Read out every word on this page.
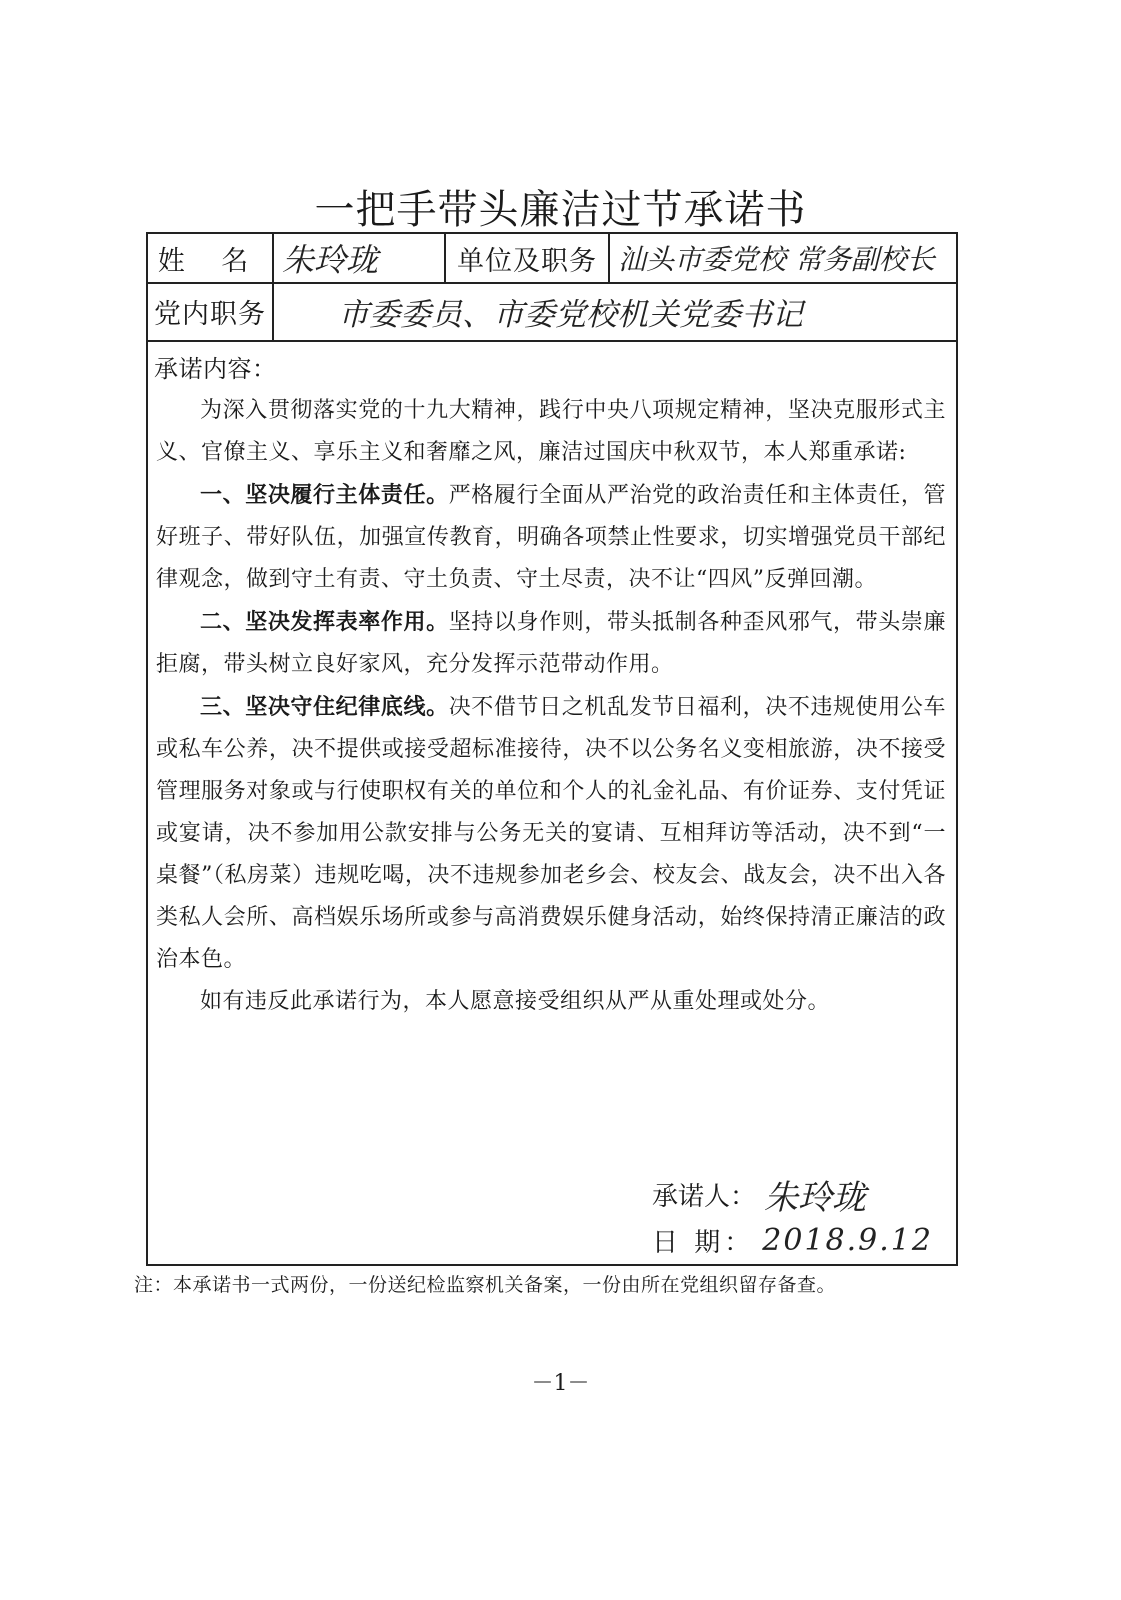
一把手带头廉洁过节承诺书
姓 名 朱玲珑	单位及职务 汕头市委党校 常务副校长
党内职务 市委委员、市委党校机关党委书记
承诺内容：

为深入贯彻落实党的十九大精神，践行中央八项规定精神，坚决克服形式主义、官僚主义、享乐主义和奢靡之风，廉洁过国庆中秋双节，本人郑重承诺:

一、坚决履行主体责任。严格履行全面从严治党的政治责任和主体责任，管好班子、带好队伍，加强宣传教育，明确各项禁止性要求，切实增强党员干部纪律观念，做到守土有责、守土负责、守土尽责，决不让“四风”反弹回潮。

二、坚决发挥表率作用。坚持以身作则，带头抵制各种歪风邪气，带头崇廉拒腐，带头树立良好家风，充分发挥示范带动作用。

三、坚决守住纪律底线。决不借节日之机乱发节日福利，决不违规使用公车或私车公养，决不提供或接受超标准接待，决不以公务名义变相旅游，决不接受管理服务对象或与行使职权有关的单位和个人的礼金礼品、有价证券、支付凭证或宴请，决不参加用公款安排与公务无关的宴请、互相拜访等活动，决不到“一桌餐”（私房菜）违规吃喝，决不违规参加老乡会、校友会、战友会，决不出入各类私人会所、高档娱乐场所或参与高消费娱乐健身活动，始终保持清正廉洁的政治本色。

如有违反此承诺行为，本人愿意接受组织从严从重处理或处分。

承诺人： 朱玲珑
日 期： 2018.9.12
注：本承诺书一式两份，一份送纪检监察机关备案，一份由所在党组织留存备查。
－1－
